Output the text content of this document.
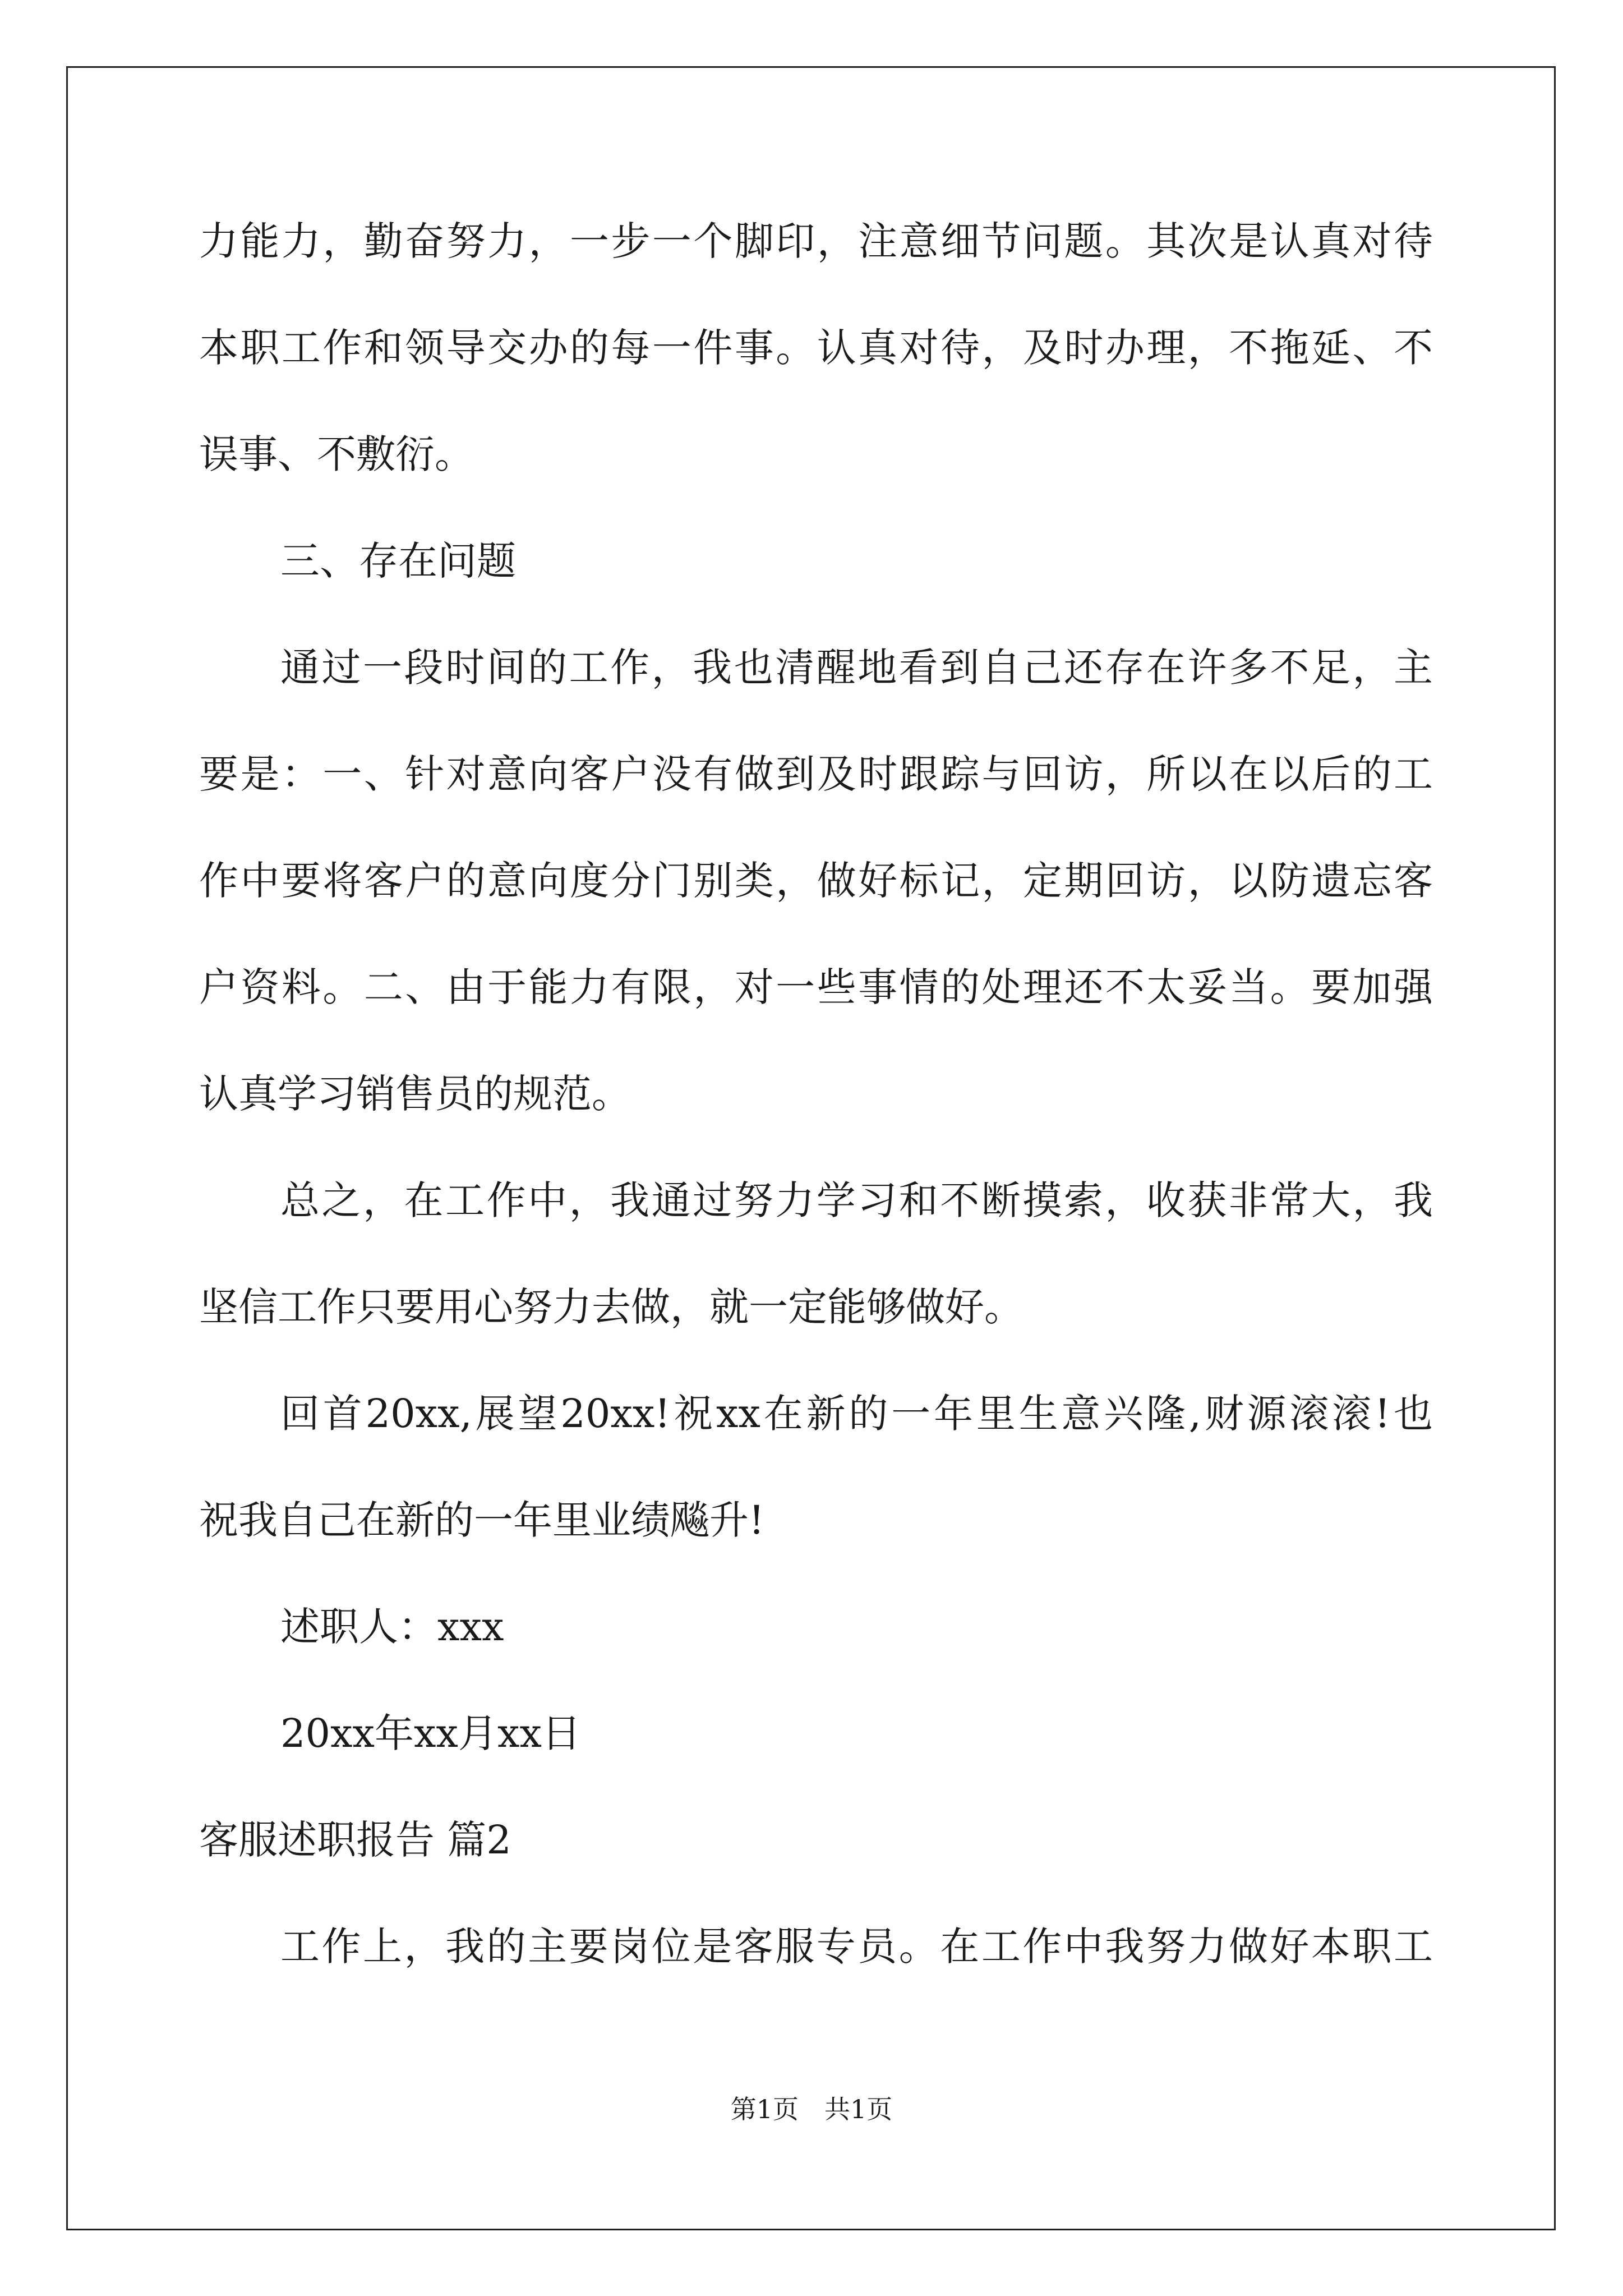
力能力，勤奋努力，一步一个脚印，注意细节问题。其次是认真对待
本职工作和领导交办的每一件事。认真对待，及时办理，不拖延、不
误事、不敷衍。
三、存在问题
通过一段时间的工作，我也清醒地看到自己还存在许多不足，主
要是：一、针对意向客户没有做到及时跟踪与回访，所以在以后的工
作中要将客户的意向度分门别类，做好标记，定期回访，以防遗忘客
户资料。二、由于能力有限，对一些事情的处理还不太妥当。要加强
认真学习销售员的规范。
总之，在工作中，我通过努力学习和不断摸索，收获非常大，我
坚信工作只要用心努力去做，就一定能够做好。
回首20xx,展望20xx!祝xx在新的一年里生意兴隆,财源滚滚!也
祝我自己在新的一年里业绩飚升!
述职人：xxx
20xx年xx月xx日
客服述职报告 篇2
工作上，我的主要岗位是客服专员。在工作中我努力做好本职工
第1页　共1页
